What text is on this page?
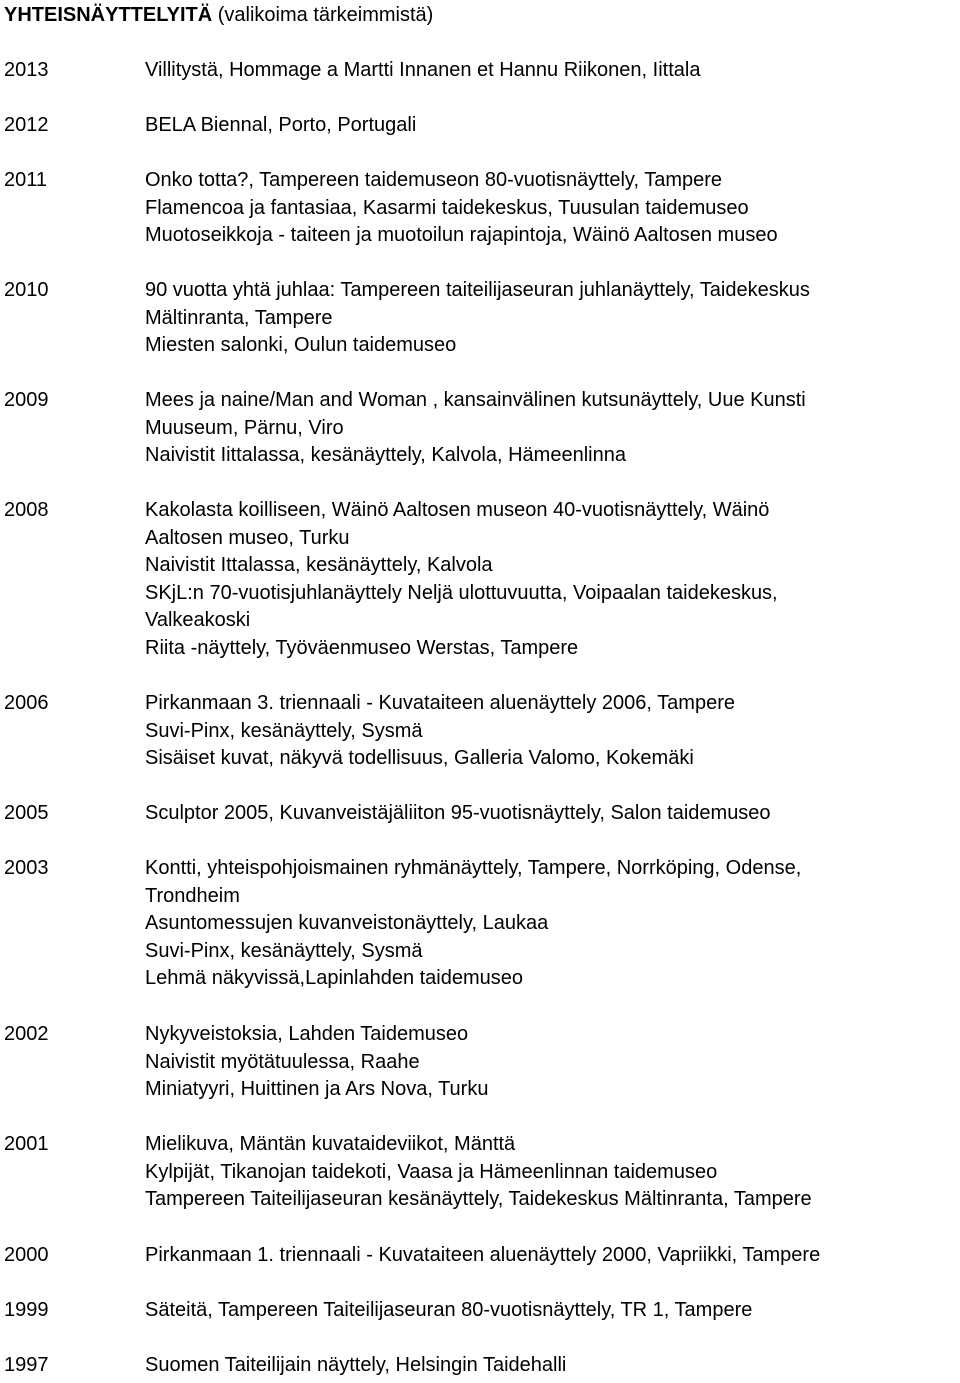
YHTEISNÄYTTELYITÄ (valikoima tärkeimmistä)
2013	Villitystä, Hommage a Martti Innanen et Hannu Riikonen, Iittala
2012	BELA Biennal, Porto, Portugali
2011	Onko totta?, Tampereen taidemuseon 80-vuotisnäyttely, Tampere
Flamencoa ja fantasiaa, Kasarmi taidekeskus, Tuusulan taidemuseo
Muotoseikkoja - taiteen ja muotoilun rajapintoja, Wäinö Aaltosen museo
2010	90 vuotta yhtä juhlaa: Tampereen taiteilijaseuran juhlanäyttely, Taidekeskus
Mältinranta, Tampere
Miesten salonki, Oulun taidemuseo
2009	Mees ja naine/Man and Woman , kansainvälinen kutsunäyttely, Uue Kunsti
Muuseum, Pärnu, Viro
Naivistit Iittalassa, kesänäyttely, Kalvola, Hämeenlinna
2008	Kakolasta koilliseen, Wäinö Aaltosen museon 40-vuotisnäyttely, Wäinö
Aaltosen museo, Turku
Naivistit Ittalassa, kesänäyttely, Kalvola
SKjL:n 70-vuotisjuhlanäyttely Neljä ulottuvuutta, Voipaalan taidekeskus,
Valkeakoski
Riita -näyttely, Työväenmuseo Werstas, Tampere
2006	Pirkanmaan 3. triennaali - Kuvataiteen aluenäyttely 2006, Tampere
Suvi-Pinx, kesänäyttely, Sysmä
Sisäiset kuvat, näkyvä todellisuus, Galleria Valomo, Kokemäki
2005	Sculptor 2005, Kuvanveistäjäliiton 95-vuotisnäyttely, Salon taidemuseo
2003	Kontti, yhteispohjoismainen ryhmänäyttely, Tampere, Norrköping, Odense,
Trondheim
Asuntomessujen kuvanveistonäyttely, Laukaa
Suvi-Pinx, kesänäyttely, Sysmä
Lehmä näkyvissä,Lapinlahden taidemuseo
2002	Nykyveistoksia, Lahden Taidemuseo
Naivistit myötätuulessa, Raahe
Miniatyyri, Huittinen ja Ars Nova, Turku
2001	Mielikuva, Mäntän kuvataideviikot, Mänttä
Kylpijät, Tikanojan taidekoti, Vaasa ja Hämeenlinnan taidemuseo
Tampereen Taiteilijaseuran kesänäyttely, Taidekeskus Mältinranta, Tampere
2000	Pirkanmaan 1. triennaali - Kuvataiteen aluenäyttely 2000, Vapriikki, Tampere
1999	Säteitä, Tampereen Taiteilijaseuran 80-vuotisnäyttely, TR 1, Tampere
1997	Suomen Taiteilijain näyttely, Helsingin Taidehalli
